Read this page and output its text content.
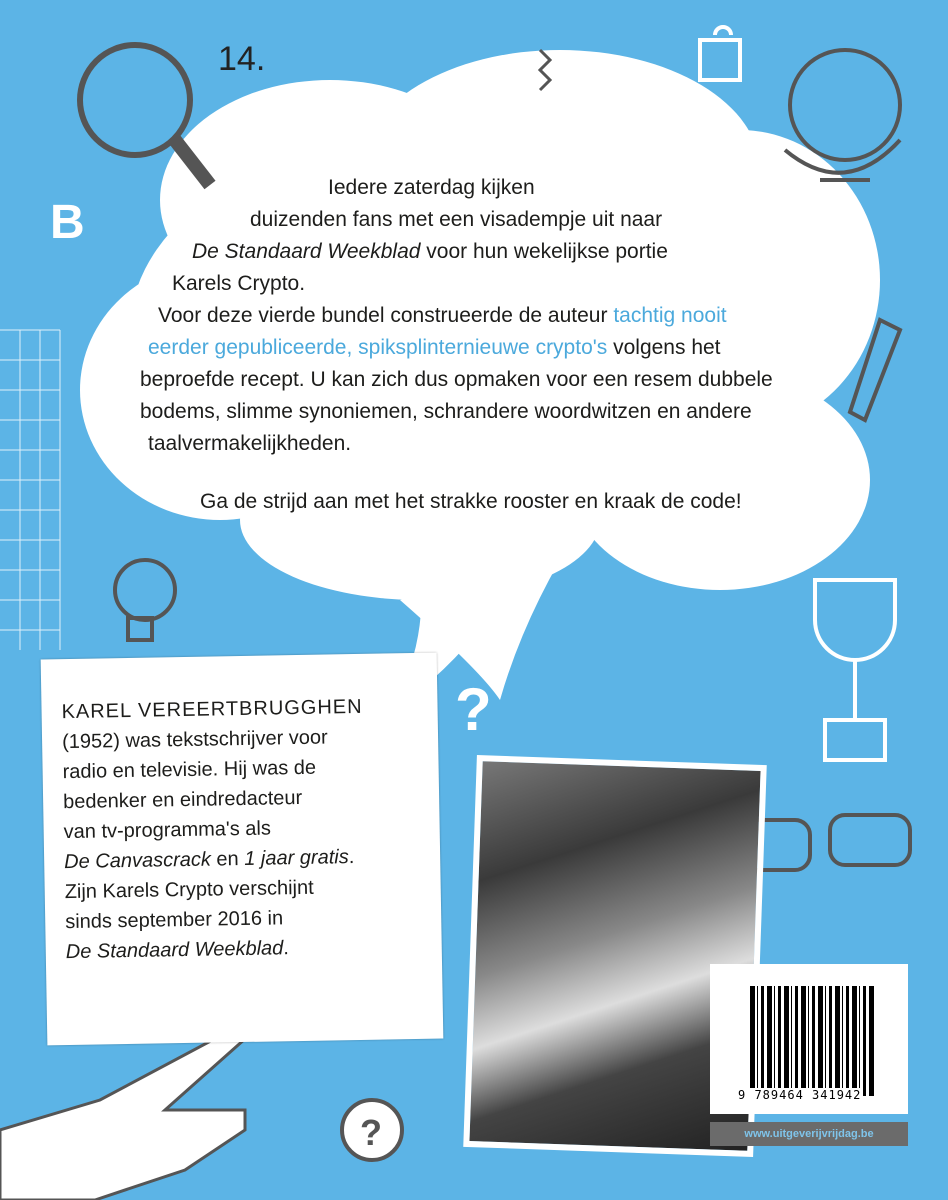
?
?
14.
B
Iedere zaterdag kijken
duizenden fans met een visadempje uit naar
De Standaard Weekblad voor hun wekelijkse portie
Karels Crypto.
Voor deze vierde bundel construeerde de auteur tachtig nooit
eerder gepubliceerde, spiksplinternieuwe crypto's volgens het
beproefde recept. U kan zich dus opmaken voor een resem dubbele
bodems, slimme synoniemen, schrandere woordwitzen en andere
taalvermakelijkheden.
Ga de strijd aan met het strakke rooster en kraak de code!
KAREL VEREERTBRUGGHEN
(1952) was tekstschrijver voor
radio en televisie. Hij was de
bedenker en eindredacteur
van tv-programma's als
De Canvascrack en 1 jaar gratis.
Zijn Karels Crypto verschijnt
sinds september 2016 in
De Standaard Weekblad.
9 789464 341942
www.uitgeverijvrijdag.be
